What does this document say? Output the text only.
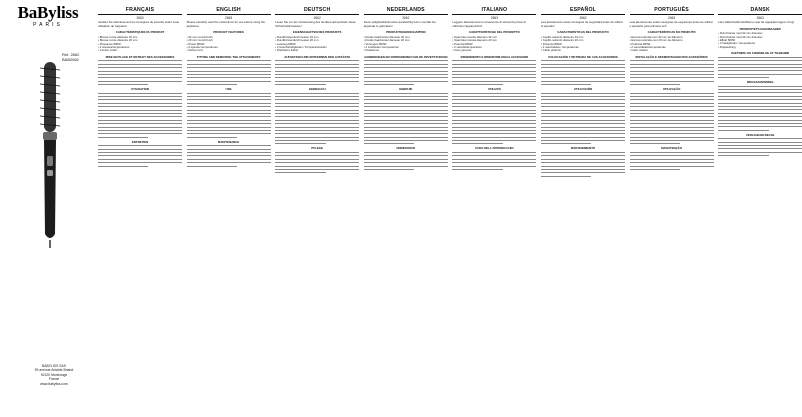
BaByliss
PARIS
Ref. 2662
BAB2662
BABYLISS SAS
99 avenue Aristide Briand
92120 Montrouge
France
www.babyliss.com
FRANÇAIS
2663
Veuillez lire attentivement les consignes de sécurité avant toute utilisation de l'appareil.
CARACTÉRISTIQUES DU PRODUIT
• Brosse ronde diamètre 32 mm
• Brosse ronde diamètre 20 mm
• Puissance 800W
• 2 vitesses/températures
• Cordon rotatif
MISE EN PLACE ET RETRAIT DES ACCESSOIRES
UTILISATION
ENTRETIEN
ENGLISH
2663
Please carefully read the instructions for use before using the appliance.
PRODUCT FEATURES
• 32 mm round brush
• 20 mm round brush
• Power 800W
• 2 speeds/ temperatures
• Swivel cord
FITTING AND REMOVING THE ATTACHMENTS
USE
MAINTENANCE
DEUTSCH
2662
Lesen Sie vor der Verwendung des Gerätes aufmerksam diese Sicherheitshinweise!
EIGENSCHAFTEN DES PRODUKTS
• Rundbürstendurchmesser 32 mm
• Rundbürstendurchmesser 20 mm
• Leistung 800W
• 2 Geschwindigkeiten / Temperaturstufen
• Drehbares Kabel
AUFSETZEN UND ENTFERNEN DER AUFSÄTZE
GEBRAUCH
PFLEGE
NEDERLANDS
2662
Deze veiligheidsinstructies aandachtig lezen voordat het apparaat te gebruiken!
PRODUCTEIGENSCHAPPEN
• Ronde haarborstel diameter 32 mm
• Ronde haarborstel diameter 20 mm
• Vermogen 800W
• 2 snelheden/ temperaturen
• Draaisnoer
AANBRENGEN EN VERWIJDEREN VAN DE OPZETSTUKKEN
GEBRUIK
ONDERHOUD
ITALIANO
2663
Leggere attentamente le avvertenze di sicurezza prima di utilizzare l'apparecchio!
CARATTERISTICHE DEL PRODOTTO
• Spazzola rotonda diametro 32 mm
• Spazzola rotonda diametro 20 mm
• Potenza 800W
• 2 velocità/temperature
• Cavo girevole
INSERIMENTO E RIMOZIONE DEGLI ACCESSORI
UTILIZZO
CURA DELL'APPARECCHIO
ESPAÑOL
2662
Lea atentamente estas consignas de seguridad antes de utilizar el aparato!
CARACTERÍSTICAS DEL PRODUCTO
• Cepillo redondo diámetro 32 mm
• Cepillo redondo diámetro 20 mm
• Potencia 800W
• 2 velocidades / temperaturas
• Cable giratorio
COLOCACIÓN Y RETIRADA DE LOS ACCESORIOS
UTILIZACIÓN
MANTENIMIENTO
PORTUGUÊS
2663
Leia atentamente estas consignas de segurança antes de utilizar o aparelho pela primeira vez!
CARACTERÍSTICAS DO PRODUTO
• Escova redonda com 32 mm de diâmetro
• Escova redonda com 20 mm de diâmetro
• Potência 800W
• 2 velocidades/temperaturas
• Cabo rotativo
INSTALAÇÃO E DESMONTAGEM DOS ACESSÓRIOS
UTILIZAÇÃO
MANUTENÇÃO
DANSK
2663
Læs sikkerhedsforskrifterne nøje før apparatet tages i brug!
PRODUKTETS EGENSKABER
• Rund børste med 32 mm diameter
• Rund børste med 20 mm diameter
• Effekt 800W
• 2 hastigheder / temperaturer
• Drejeledning
ISÆTNING OG FJERNELSE AF TILBEHØR
BRUGSANVISNING
VEDLIGEHOLDELSE
